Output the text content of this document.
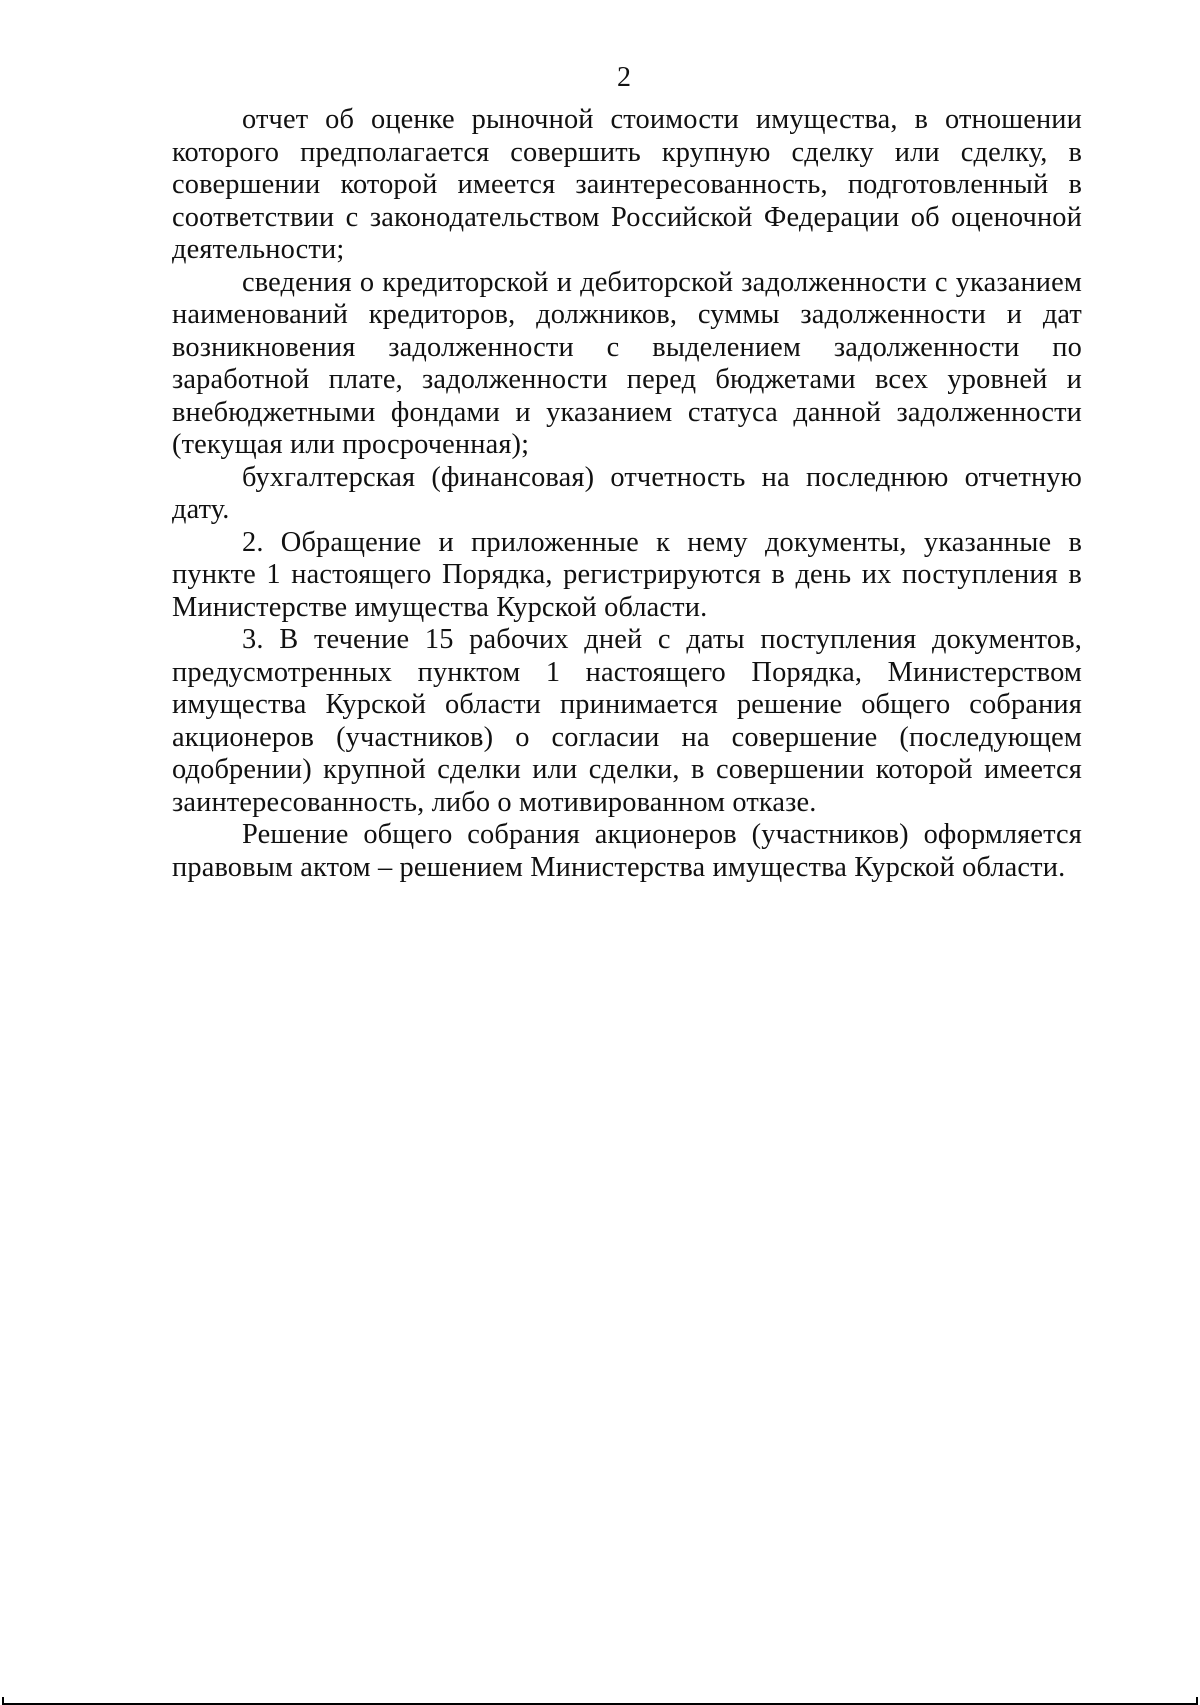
2

отчет об оценке рыночной стоимости имущества, в отношении которого предполагается совершить крупную сделку или сделку, в совершении которой имеется заинтересованность, подготовленный в соответствии с законодательством Российской Федерации об оценочной деятельности;

сведения о кредиторской и дебиторской задолженности с указанием наименований кредиторов, должников, суммы задолженности и дат возникновения задолженности с выделением задолженности по заработной плате, задолженности перед бюджетами всех уровней и внебюджетными фондами и указанием статуса данной задолженности (текущая или просроченная);

бухгалтерская (финансовая) отчетность на последнюю отчетную дату.

2. Обращение и приложенные к нему документы, указанные в пункте 1 настоящего Порядка, регистрируются в день их поступления в Министерстве имущества Курской области.

3. В течение 15 рабочих дней с даты поступления документов, предусмотренных пунктом 1 настоящего Порядка, Министерством имущества Курской области принимается решение общего собрания акционеров (участников) о согласии на совершение (последующем одобрении) крупной сделки или сделки, в совершении которой имеется заинтересованность, либо о мотивированном отказе.

Решение общего собрания акционеров (участников) оформляется правовым актом – решением Министерства имущества Курской области.
